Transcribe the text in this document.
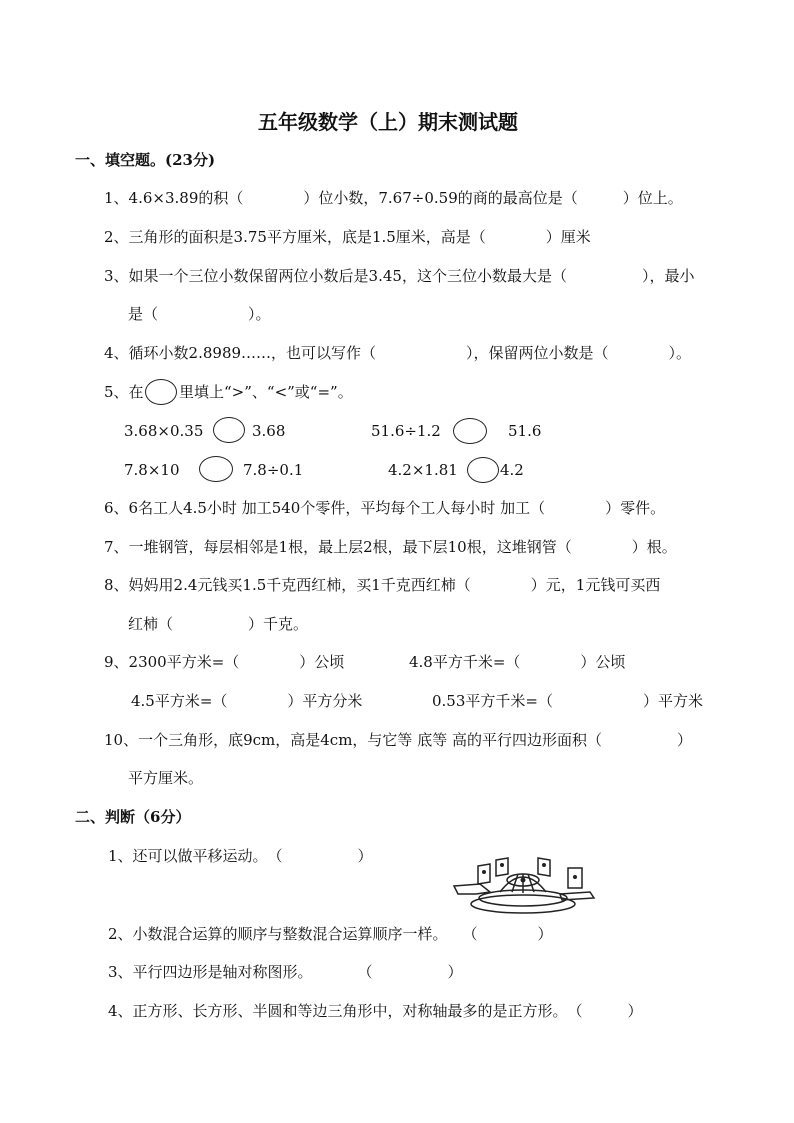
五年级数学（上）期末测试题
一、填空题。(23分)
1、4.6×3.89的积（　　　　）位小数，7.67÷0.59的商的最高位是（　　　）位上。
2、三角形的面积是3.75平方厘米，底是1.5厘米，高是（　　　　）厘米
3、如果一个三位小数保留两位小数后是3.45，这个三位小数最大是（　　　　　），最小
是（　　　　　　）。
4、循环小数2.8989……，也可以写作（　　　　　　），保留两位小数是（　　　　）。
5、在 里填上“>”、“<”或“=”。
3.68×0.35	3.68	51.6÷1.2	51.6
7.8×10	7.8÷0.1	4.2×1.81	4.2
6、6名工人4.5小时 加工540个零件，平均每个工人每小时 加工（　　　　）零件。
7、一堆钢管，每层相邻是1根，最上层2根，最下层10根，这堆钢管（　　　　）根。
8、妈妈用2.4元钱买1.5千克西红柿，买1千克西红柿（　　　　）元，1元钱可买西
红柿（　　　　　）千克。
9、2300平方米=（　　　　）公顷	4.8平方千米=（　　　　）公顷
4.5平方米=（　　　　）平方分米	0.53平方千米=（　　　　　　）平方米
10、一个三角形，底9cm，高是4cm，与它等 底等 高的平行四边形面积（　　　　　）
平方厘米。
二、判断（6分）
1、还可以做平移运动。　（　　　　　）
2、小数混合运算的顺序与整数混合运算顺序一样。　　（　　　　）
3、平行四边形是轴对称图形。　　　　（　　　　　）
4、正方形、长方形、半圆和等边三角形中，对称轴最多的是正方形。　（　　　）
